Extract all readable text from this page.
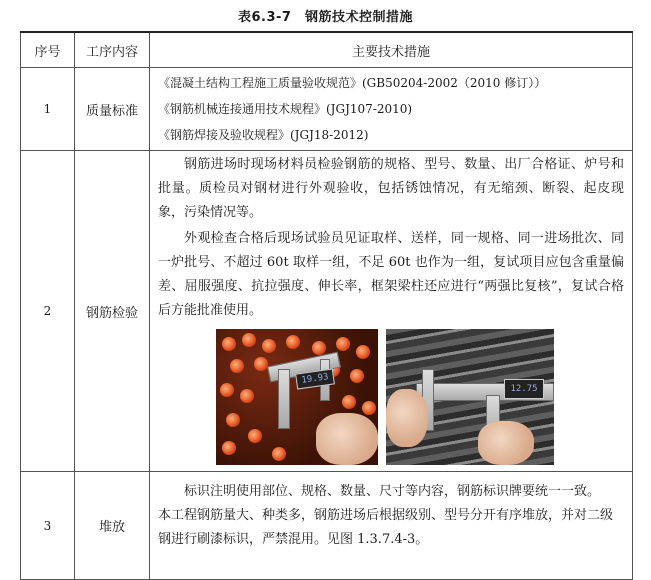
表6.3-7　钢筋技术控制措施
序号	工序内容	主要技术措施
1	质量标准	《混凝土结构工程施工质量验收规范》(GB50204-2002（2010 修订））

《钢筋机械连接通用技术规程》(JGJ107-2010)

《钢筋焊接及验收规程》(JGJ18-2012)

2	钢筋检验	钢筋进场时现场材料员检验钢筋的规格、型号、数量、出厂合格证、炉号和批量。质检员对钢材进行外观验收，包括锈蚀情况，有无缩颈、断裂、起皮现象，污染情况等。

外观检查合格后现场试验员见证取样、送样，同一规格、同一进场批次、同一炉批号、不超过 60t 取样一组，不足 60t 也作为一组，复试项目应包含重量偏差、屈服强度、抗拉强度、伸长率，框架梁柱还应进行“两强比复核”，复试合格后方能批准使用。

19.93
12.75

3	堆放	标识注明使用部位、规格、数量、尺寸等内容，钢筋标识牌要统一一致。
本工程钢筋量大、种类多，钢筋进场后根据级别、型号分开有序堆放，并对二级钢进行刷漆标识，严禁混用。见图 1.3.7.4-3。
